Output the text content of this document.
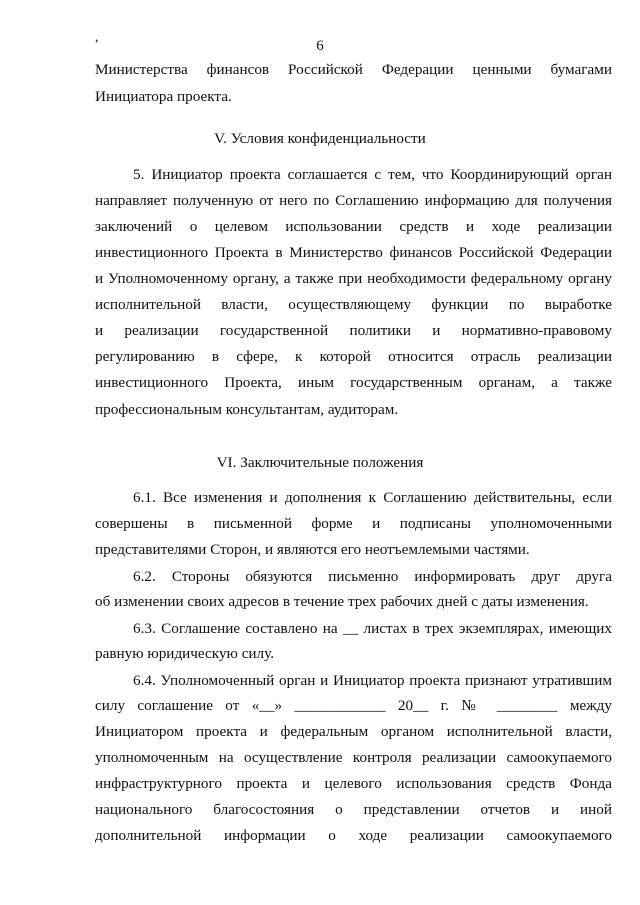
,
6
Министерства финансов Российской Федерации ценными бумагами
Инициатора проекта.
V. Условия конфиденциальности
5. Инициатор проекта соглашается с тем, что Координирующий орган
направляет полученную от него по Соглашению информацию для получения
заключений о целевом использовании средств и ходе реализации
инвестиционного Проекта в Министерство финансов Российской Федерации
и Уполномоченному органу, а также при необходимости федеральному органу
исполнительной власти, осуществляющему функции по выработке
и реализации государственной политики и нормативно-правовому
регулированию в сфере, к которой относится отрасль реализации
инвестиционного Проекта, иным государственным органам, а также
профессиональным консультантам, аудиторам.
VI. Заключительные положения
6.1. Все изменения и дополнения к Соглашению действительны, если
совершены в письменной форме и подписаны уполномоченными
представителями Сторон, и являются его неотъемлемыми частями.
6.2. Стороны обязуются письменно информировать друг друга
об изменении своих адресов в течение трех рабочих дней с даты изменения.
6.3. Соглашение составлено на __ листах в трех экземплярах, имеющих
равную юридическую силу.
6.4. Уполномоченный орган и Инициатор проекта признают утратившим
силу соглашение от «__» ____________ 20__ г. № ________ между
Инициатором проекта и федеральным органом исполнительной власти,
уполномоченным на осуществление контроля реализации самоокупаемого
инфраструктурного проекта и целевого использования средств Фонда
национального благосостояния о представлении отчетов и иной
дополнительной информации о ходе реализации самоокупаемого
